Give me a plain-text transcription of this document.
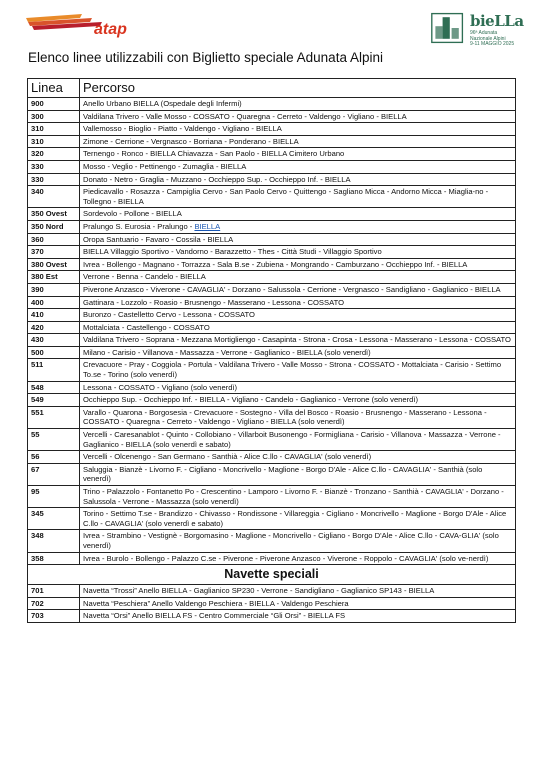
atap	bieLLa
96ª Adunata
Nazionale Alpini
9-11 MAGGIO 2025
Elenco linee utilizzabili con Biglietto speciale Adunata Alpini
Linea	Percorso
900	Anello Urbano BIELLA (Ospedale degli Infermi)
300	Valdilana Trivero - Valle Mosso - COSSATO - Quaregna - Cerreto - Valdengo - Vigliano - BIELLA
310	Vallemosso - Bioglio - Piatto - Valdengo - Vigliano - BIELLA
310	Zimone - Cerrione - Vergnasco - Borriana - Ponderano - BIELLA
320	Ternengo - Ronco - BIELLA Chiavazza - San Paolo - BIELLA Cimitero Urbano
330	Mosso - Veglio - Pettinengo - Zumaglia - BIELLA
330	Donato - Netro - Graglia - Muzzano - Occhieppo Sup. - Occhieppo Inf. - BIELLA
340	Piedicavallo - Rosazza - Campiglia Cervo - San Paolo Cervo - Quittengo - Sagliano Micca - Andorno Micca - Miaglia-no - Tollegno - BIELLA
350 Ovest	Sordevolo - Pollone - BIELLA
350 Nord	Pralungo S. Eurosia - Pralungo - BIELLA
360	Oropa Santuario - Favaro - Cossila - BIELLA
370	BIELLA Villaggio Sportivo - Vandorno - Barazzetto - Thes - Città Studi - Villaggio Sportivo
380 Ovest	Ivrea - Bollengo - Magnano - Torrazza - Sala B.se - Zubiena - Mongrando - Camburzano - Occhieppo Inf. - BIELLA
380 Est	Verrone - Benna - Candelo - BIELLA
390	Piverone Anzasco - Viverone - CAVAGLIA' - Dorzano - Salussola - Cerrione - Vergnasco - Sandigliano - Gaglianico - BIELLA
400	Gattinara - Lozzolo - Roasio - Brusnengo - Masserano - Lessona - COSSATO
410	Buronzo - Castelletto Cervo - Lessona - COSSATO
420	Mottalciata - Castellengo - COSSATO
430	Valdilana Trivero - Soprana - Mezzana Mortigliengo - Casapinta - Strona - Crosa - Lessona - Masserano - Lessona - COSSATO
500	Milano - Carisio - Villanova - Massazza - Verrone - Gaglianico - BIELLA (solo venerdì)
511	Crevacuore - Pray - Coggiola - Portula - Valdilana Trivero - Valle Mosso - Strona - COSSATO - Mottalciata - Carisio - Settimo To.se - Torino (solo venerdì)
548	Lessona - COSSATO - Vigliano (solo venerdì)
549	Occhieppo Sup. - Occhieppo Inf. - BIELLA - Vigliano - Candelo - Gaglianico - Verrone (solo venerdì)
551	Varallo - Quarona - Borgosesia - Crevacuore - Sostegno - Villa del Bosco - Roasio - Brusnengo - Masserano - Lessona - COSSATO - Quaregna - Cerreto - Valdengo - Vigliano - BIELLA (solo venerdì)
55	Vercelli - Caresanablot - Quinto - Collobiano - Villarboit Busonengo - Formigliana - Carisio - Villanova - Massazza - Verrone - Gaglianico - BIELLA (solo venerdì e sabato)
56	Vercelli - Olcenengo - San Germano - Santhià - Alice C.llo - CAVAGLIA' (solo venerdì)
67	Saluggia - Bianzè - Livorno F. - Cigliano - Moncrivello - Maglione - Borgo D'Ale - Alice C.llo - CAVAGLIA' - Santhià (solo venerdì)
95	Trino - Palazzolo - Fontanetto Po - Crescentino - Lamporo - Livorno F. - Bianzè - Tronzano - Santhià - CAVAGLIA' - Dorzano - Salussola - Verrone - Massazza (solo venerdì)
345	Torino - Settimo T.se - Brandizzo - Chivasso - Rondissone - Villareggia - Cigliano - Moncrivello - Maglione - Borgo D'Ale - Alice C.llo - CAVAGLIA' (solo venerdì e sabato)
348	Ivrea - Strambino - Vestignè - Borgomasino - Maglione - Moncrivello - Cigliano - Borgo D'Ale - Alice C.llo - CAVA-GLIA' (solo venerdì)
358	Ivrea - Burolo - Bollengo - Palazzo C.se - Piverone - Piverone Anzasco - Viverone - Roppolo - CAVAGLIA' (solo ve-nerdì)
Navette speciali	
701	Navetta “Trossi” Anello BIELLA - Gaglianico SP230 - Verrone - Sandigliano - Gaglianico SP143 - BIELLA
702	Navetta “Peschiera” Anello Valdengo Peschiera - BIELLA - Valdengo Peschiera
703	Navetta “Orsi” Anello BIELLA FS - Centro Commerciale “Gli Orsi” - BIELLA FS
